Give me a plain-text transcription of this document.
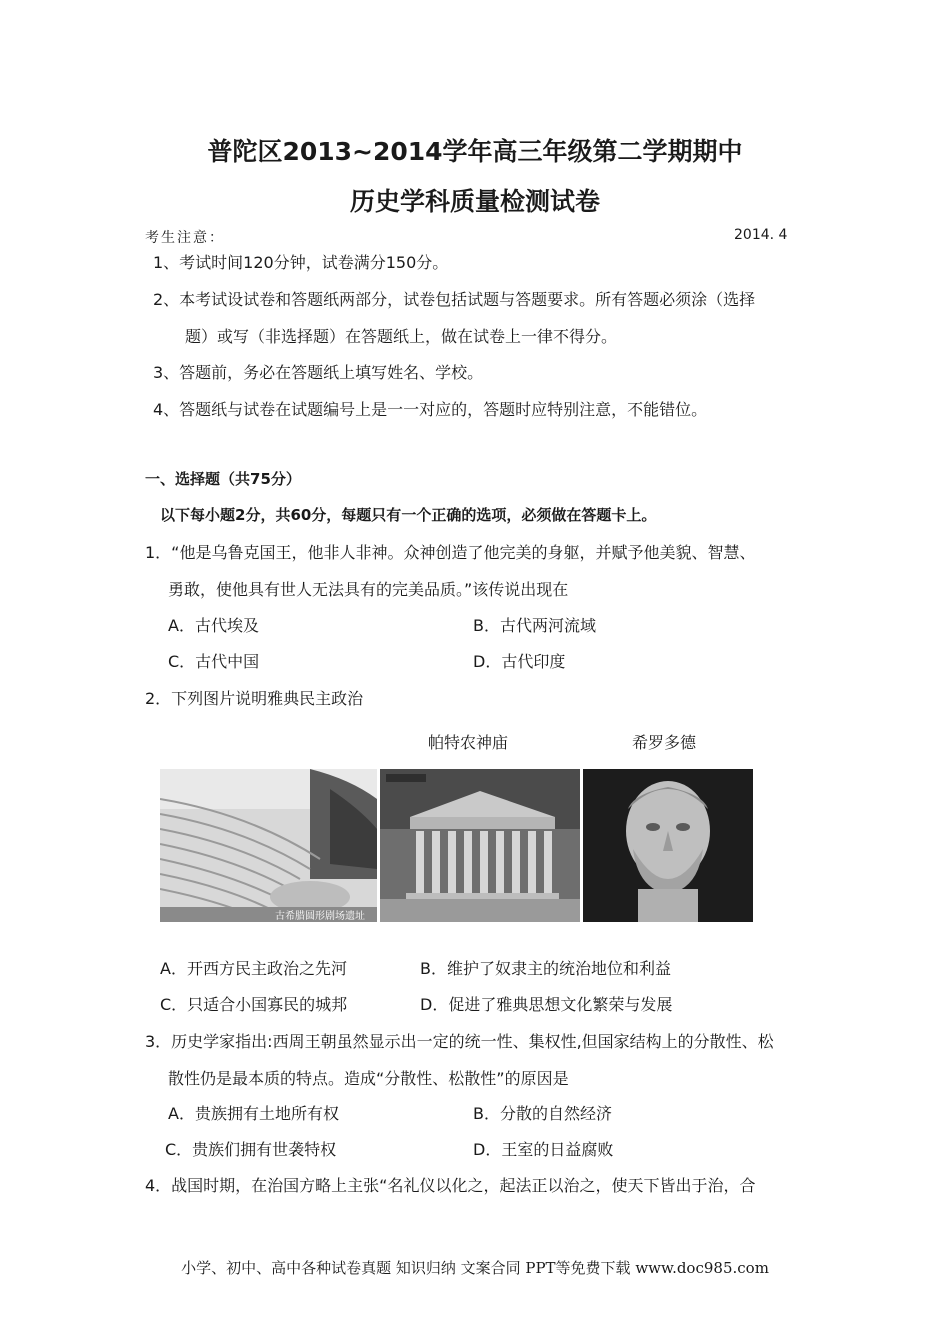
普陀区2013~2014学年高三年级第二学期期中
历史学科质量检测试卷
考生注意：	2014. 4
1、考试时间120分钟，试卷满分150分。
2、本考试设试卷和答题纸两部分，试卷包括试题与答题要求。所有答题必须涂（选择
题）或写（非选择题）在答题纸上，做在试卷上一律不得分。
3、答题前，务必在答题纸上填写姓名、学校。
4、答题纸与试卷在试题编号上是一一对应的，答题时应特别注意，不能错位。
一、选择题（共75分）
以下每小题2分，共60分，每题只有一个正确的选项，必须做在答题卡上。
1．“他是乌鲁克国王，他非人非神。众神创造了他完美的身躯，并赋予他美貌、智慧、
勇敢，使他具有世人无法具有的完美品质。”该传说出现在
A．古代埃及	B．古代两河流域
C．古代中国	D．古代印度
2．下列图片说明雅典民主政治
帕特农神庙	希罗多德
古希腊圆形剧场遗址
A．开西方民主政治之先河	B．维护了奴隶主的统治地位和利益
C．只适合小国寡民的城邦	D．促进了雅典思想文化繁荣与发展
3．历史学家指出:西周王朝虽然显示出一定的统一性、集权性,但国家结构上的分散性、松
散性仍是最本质的特点。造成“分散性、松散性”的原因是
A．贵族拥有土地所有权	B．分散的自然经济
C．贵族们拥有世袭特权	D．王室的日益腐败
4．战国时期，在治国方略上主张“名礼仪以化之，起法正以治之，使天下皆出于治，合
小学、初中、高中各种试卷真题 知识归纳 文案合同 PPT等免费下载 www.doc985.com
